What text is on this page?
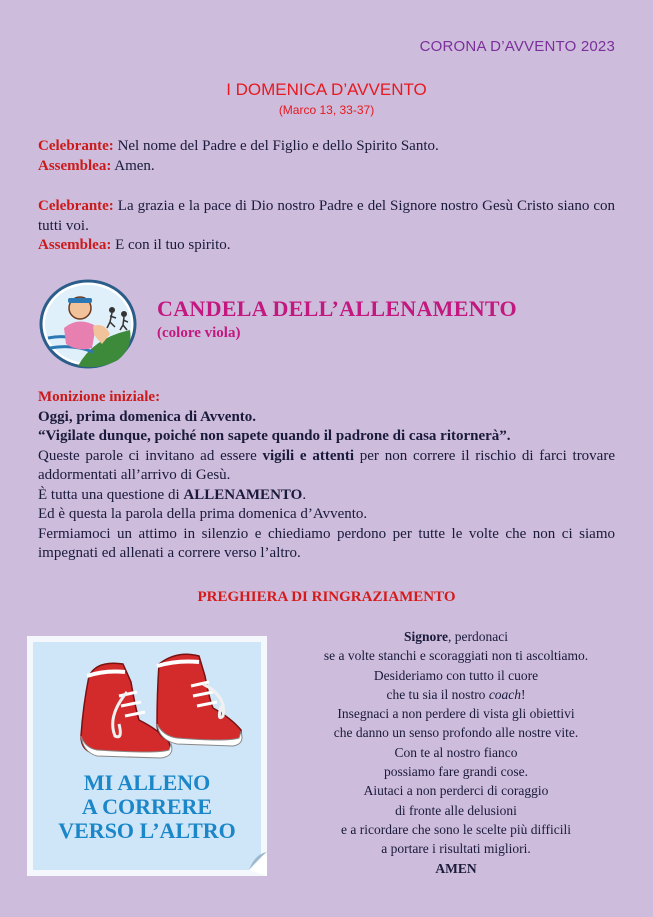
CORONA D’AVVENTO 2023
I DOMENICA D’AVVENTO
(Marco 13, 33-37)
Celebrante: Nel nome del Padre e del Figlio e dello Spirito Santo.
Assemblea: Amen.
Celebrante: La grazia e la pace di Dio nostro Padre e del Signore nostro Gesù Cristo siano con tutti voi.
Assemblea: E con il tuo spirito.
CANDELA DELL’ALLENAMENTO
(colore viola)
Monizione iniziale:
Oggi, prima domenica di Avvento.
“Vigilate dunque, poiché non sapete quando il padrone di casa ritornerà”.
Queste parole ci invitano ad essere vigili e attenti per non correre il rischio di farci trovare addormentati all’arrivo di Gesù.
È tutta una questione di ALLENAMENTO.
Ed è questa la parola della prima domenica d’Avvento.
Fermiamoci un attimo in silenzio e chiediamo perdono per tutte le volte che non ci siamo impegnati ed allenati a correre verso l’altro.
PREGHIERA DI RINGRAZIAMENTO
MI ALLENO
A CORRERE
VERSO L’ALTRO
Signore, perdonaci
se a volte stanchi e scoraggiati non ti ascoltiamo.
Desideriamo con tutto il cuore
che tu sia il nostro coach!
Insegnaci a non perdere di vista gli obiettivi
che danno un senso profondo alle nostre vite.
Con te al nostro fianco
possiamo fare grandi cose.
Aiutaci a non perderci di coraggio
di fronte alle delusioni
e a ricordare che sono le scelte più difficili
a portare i risultati migliori.
AMEN
